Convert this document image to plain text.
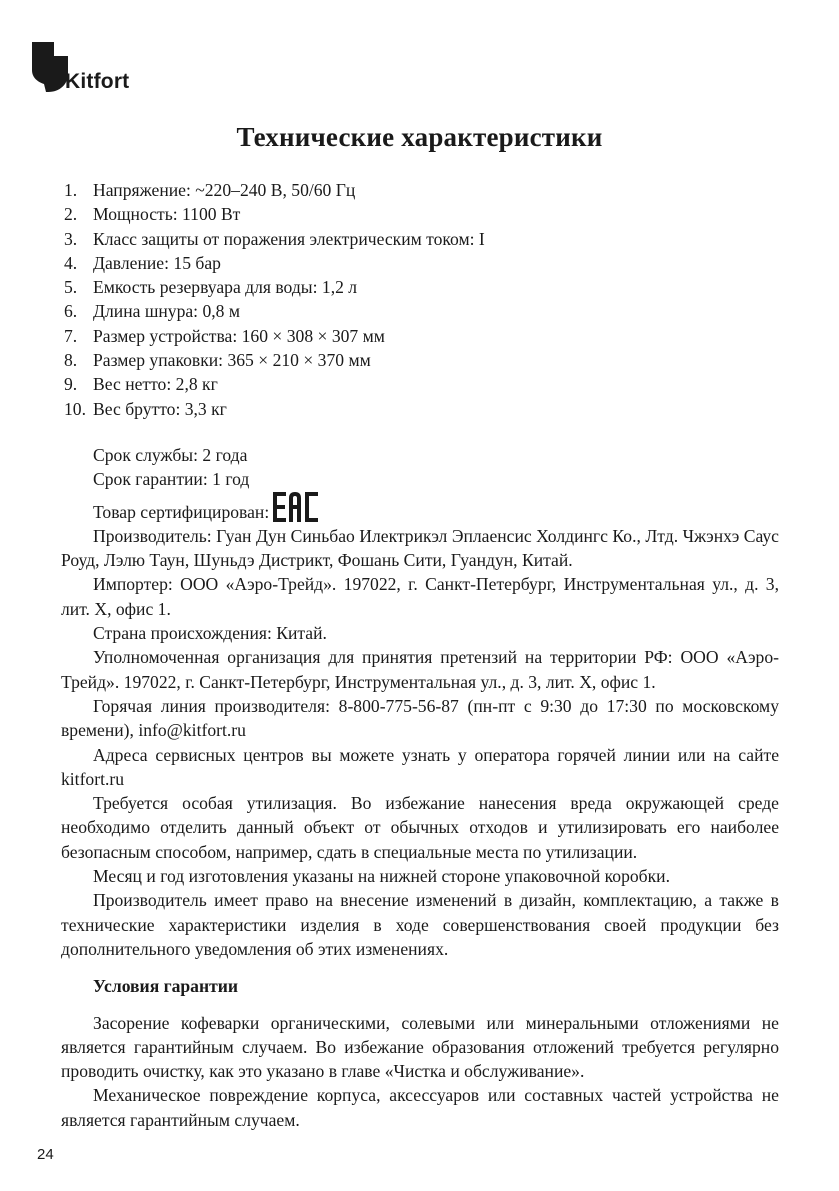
Kitfort
Технические характеристики
1. Напряжение: ~220–240 В, 50/60 Гц
2. Мощность: 1100 Вт
3. Класс защиты от поражения электрическим током: I
4. Давление: 15 бар
5. Емкость резервуара для воды: 1,2 л
6. Длина шнура: 0,8 м
7. Размер устройства: 160 × 308 × 307 мм
8. Размер упаковки: 365 × 210 × 370 мм
9. Вес нетто: 2,8 кг
10. Вес брутто: 3,3 кг

Срок службы: 2 года

Срок гарантии: 1 год

Товар сертифицирован:

Производитель: Гуан Дун Синьбао Илектрикэл Эплаенсис Холдингс Ко., Лтд. Чжэнхэ Саус Роуд, Лэлю Таун, Шуньдэ Дистрикт, Фошань Сити, Гуандун, Китай.

Импортер: ООО «Аэро-Трейд». 197022, г. Санкт-Петербург, Инструментальная ул., д. 3, лит. Х, офис 1.

Страна происхождения: Китай.

Уполномоченная организация для принятия претензий на территории РФ: ООО «Аэро-Трейд». 197022, г. Санкт-Петербург, Инструментальная ул., д. 3, лит. Х, офис 1.

Горячая линия производителя: 8-800-775-56-87 (пн-пт с 9:30 до 17:30 по московскому времени), info@kitfort.ru

Адреса сервисных центров вы можете узнать у оператора горячей линии или на сайте kitfort.ru

Требуется особая утилизация. Во избежание нанесения вреда окружающей среде необходимо отделить данный объект от обычных отходов и утилизировать его наиболее безопасным способом, например, сдать в специальные места по утилизации.

Месяц и год изготовления указаны на нижней стороне упаковочной коробки.

Производитель имеет право на внесение изменений в дизайн, комплектацию, а также в технические характеристики изделия в ходе совершенствования своей продукции без дополнительного уведомления об этих изменениях.

Условия гарантии

Засорение кофеварки органическими, солевыми или минеральными отложениями не является гарантийным случаем. Во избежание образования отложений требуется регулярно проводить очистку, как это указано в главе «Чистка и обслуживание».

Механическое повреждение корпуса, аксессуаров или составных частей устройства не является гарантийным случаем.

24
